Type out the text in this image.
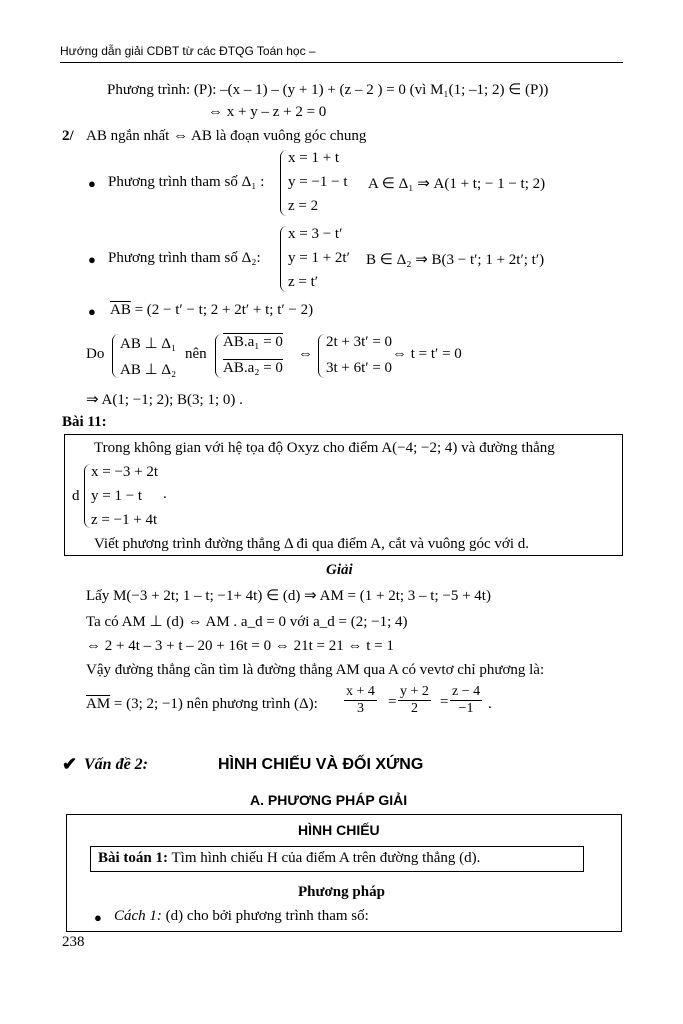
Hướng dẫn giải CDBT từ các ĐTQG Toán học –
Phương trình: (P): –(x – 1) – (y + 1) + (z – 2 ) = 0 (vì M₁(1; –1; 2) ∈ (P))
⇔ x + y – z + 2 = 0
2/ AB ngắn nhất ⇔ AB là đoạn vuông góc chung
● Phương trình tham số Δ₁ :
x = 1 + t
y = −1 − t
z = 2
A ∈ Δ₁ ⇒ A(1 + t; − 1 − t; 2)
● Phương trình tham số Δ₂:
x = 3 − t′
y = 1 + 2t′
z = t′
B ∈ Δ₂ ⇒ B(3 − t′; 1 + 2t′; t′)
● $\overline{AB} = (2 - t' - t$; 2 + 2t′ + t; t′ − 2)
Do
AB ⊥ Δ₁
AB ⊥ Δ₂
nên
AB.a₁ = 0
AB.a₂ = 0
⇔
2t + 3t′ = 0
3t + 6t′ = 0
⇔ t = t′ = 0
⇒ A(1; −1; 2); B(3; 1; 0) .
Bài 11:
Trong không gian với hệ tọa độ Oxyz cho điểm A(−4; −2; 4) và đường thẳng
d
x = −3 + 2t
y = 1 − t
z = −1 + 4t
.
Viết phương trình đường thẳng Δ đi qua điểm A, cắt và vuông góc với d.
Giải
Lấy M(−3 + 2t; 1 – t; −1+ 4t) ∈ (d) ⇒ AM = (1 + 2t; 3 – t; −5 + 4t)
Ta có AM ⊥ (d) ⇔ AM . a_d = 0 với a_d = (2; −1; 4)
⇔ 2 + 4t – 3 + t – 20 + 16t = 0 ⇔ 21t = 21 ⇔ t = 1
Vậy đường thẳng cần tìm là đường thẳng AM qua A có vevtơ chỉ phương là:
$\overline{AM} = (3$; 2; −1) nên phương trình (Δ): $\frac{x + 4}{3} = \frac{y + 2}{2} = \frac{z - 4}{-1}$ .
✔ Vấn đề 2:	HÌNH CHIẾU VÀ ĐỐI XỨNG
A. PHƯƠNG PHÁP GIẢI
HÌNH CHIẾU
Bài toán 1: Tìm hình chiếu H của điểm A trên đường thẳng (d).
Phương pháp
● Cách 1: (d) cho bởi phương trình tham số:
238
